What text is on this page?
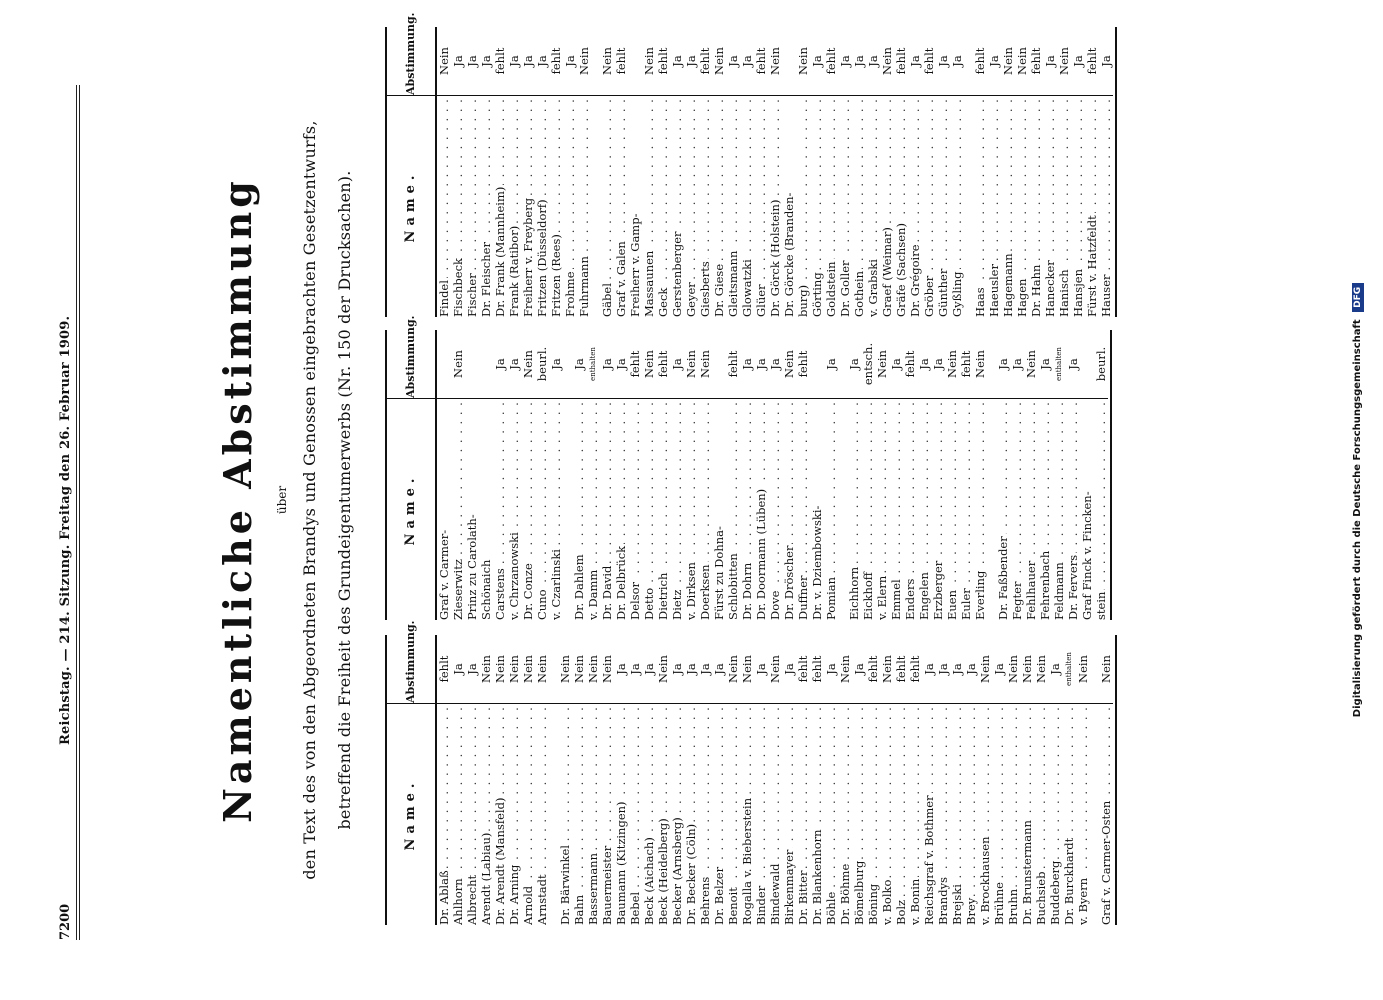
7200
Reichstag. — 214. Sitzung. Freitag den 26. Februar 1909.	Namentliche Abstimmung über den Text des von den Abgeordneten Brandys und Genossen eingebrachten Gesetzentwurfs, betreffend die Freiheit des Grundeigentumerwerbs (Nr. 150 der Drucksachen).	Name.
Abstimmung.
Dr. Ablaß . . .
fehlt
Ahlhorn . . .
Ja
Albrecht . . .
Ja
Arendt (Labiau) . . .
Nein
Dr. Arendt (Mansfeld) . . .
Nein
Dr. Arning . . .
Nein
Arnold . . .
Nein
Arnstadt . . .
Nein
Dr. Bärwinkel . . .
Nein
Bahn . . .
Nein
Bassermann . . .
Nein
Bauermeister . . .
Nein
Baumann (Kitzingen) . . .
Ja
Bebel . . .
Ja
Beck (Aichach) . . .
Ja
Beck (Heidelberg) . . .
Nein
Becker (Arnsberg) . . .
Ja
Dr. Becker (Cöln) . . .
Ja
Behrens . . .
Ja
Dr. Belzer . . .
Ja
Benoit . . .
Nein
Rogalla v. Bieberstein . . .
Nein
Binder . . .
Ja
Bindewald . . .
Nein
Birkenmayer . . .
Ja
Dr. Bitter . . .
fehlt
Dr. Blankenhorn . . .
fehlt
Böhle . . .
Ja
Dr. Böhme . . .
Nein
Bömelburg . . .
Ja
Böning . . .
fehlt
v. Bolko . . .
Nein
Bolz . . .
fehlt
v. Bonin . . .
fehlt
Reichsgraf v. Bothmer . . .
Ja
Brandys . . .
Ja
Brejski . . .
Ja
Brey . . .
Ja
v. Brockhausen . . .
Nein
Brühne . . .
Ja
Bruhn . . .
Nein
Dr. Brunstermann . . .
Nein
Buchsieb . . .
Nein
Buddeberg . . .
Ja
Dr. Burckhardt . . .
enthalten
v. Byern . . .
Nein
Graf v. Carmer-Osten . . .
Nein
Name.
Abstimmung.
Graf v. Carmer- Zieserwitz . . .
Nein
Prinz zu Carolath- Schönaich Carstens . . .
Ja
v. Chrzanowski . . .
Ja
Dr. Conze . . .
Nein
Cuno . . .
beurl.
v. Czarlinski . . .
Ja
Dr. Dahlem . . .
Ja
v. Damm . . .
enthalten
Dr. David . . .
Ja
Dr. Delbrück . . .
Ja
Delsor . . .
fehlt
Detto . . .
Nein
Dietrich . . .
fehlt
Dietz . . .
Ja
v. Dirksen . . .
Nein
Doerksen . . .
Nein
Fürst zu Dohna- Schlobitten . . .
fehlt
Dr. Dohrn . . .
Ja
Dr. Doormann (Lüben) . . .
Ja
Dove . . .
Ja
Dr. Dröscher . . .
Nein
Duffner . . .
fehlt
Dr. v. Dziembowski- Pomian . . .
Ja
Eichhorn . . .
Ja
Eickhoff . . .
entsch.
v. Elern . . .
Nein
Emmel . . .
Ja
Enders . . .
fehlt
Engelen . . .
Ja
Erzberger . . .
Ja
Euen . . .
Nein
Euler . . .
fehlt
Everling . . .
Nein
Dr. Faßbender . . .
Ja
Fegter . . .
Ja
Fehlhauer . . .
Nein
Fehrenbach . . .
Ja
Feldmann . . .
enthalten
Dr. Fervers . . .
Ja
Graf Finck v. Fincken- stein . . .
beurl.
Name.
Abstimmung.
Findel . . .
Nein
Fischbeck . . .
Ja
Fischer . . .
Ja
Dr. Fleischer . . .
Ja
Dr. Frank (Mannheim) . . .
fehlt
Frank (Ratibor) . . .
Ja
Freiherr v. Freyberg . . .
Ja
Fritzen (Düsseldorf) . . .
Ja
Fritzen (Rees) . . .
fehlt
Frohme . . .
Ja
Fuhrmann . . .
Nein
Gäbel . . .
Nein
Graf v. Galen . . .
fehlt
Freiherr v. Gamp- Massaunen . . .
Nein
Geck . . .
fehlt
Gerstenberger . . .
Ja
Geyer . . .
Ja
Giesberts . . .
fehlt
Dr. Giese . . .
Nein
Gleitsmann . . .
Ja
Glowatzki . . .
Ja
Glüer . . .
fehlt
Dr. Görck (Holstein) . . .
Nein
Dr. Görcke (Branden- burg) . . .
Nein
Görting . . .
Ja
Goldstein . . .
fehlt
Dr. Goller . . .
Ja
Gothein . . .
Ja
v. Grabski . . .
Ja
Graef (Weimar) . . .
Nein
Gräfe (Sachsen) . . .
fehlt
Dr. Grégoire . . .
Ja
Gröber . . .
fehlt
Günther . . .
Ja
Gyßling . . .
Ja
Haas . . .
fehlt
Haeusler . . .
Ja
Hagemann . . .
Nein
Hagen . . .
Nein
Dr. Hahn . . .
fehlt
Hanecker . . .
Ja
Hanisch . . .
Nein
Hansjen . . .
Ja
Fürst v. Hatzfeldt . . .
fehlt
Hauser . . .
Ja
Digitalisierung gefördert durch die Deutsche Forschungsgemeinschaft DFG
